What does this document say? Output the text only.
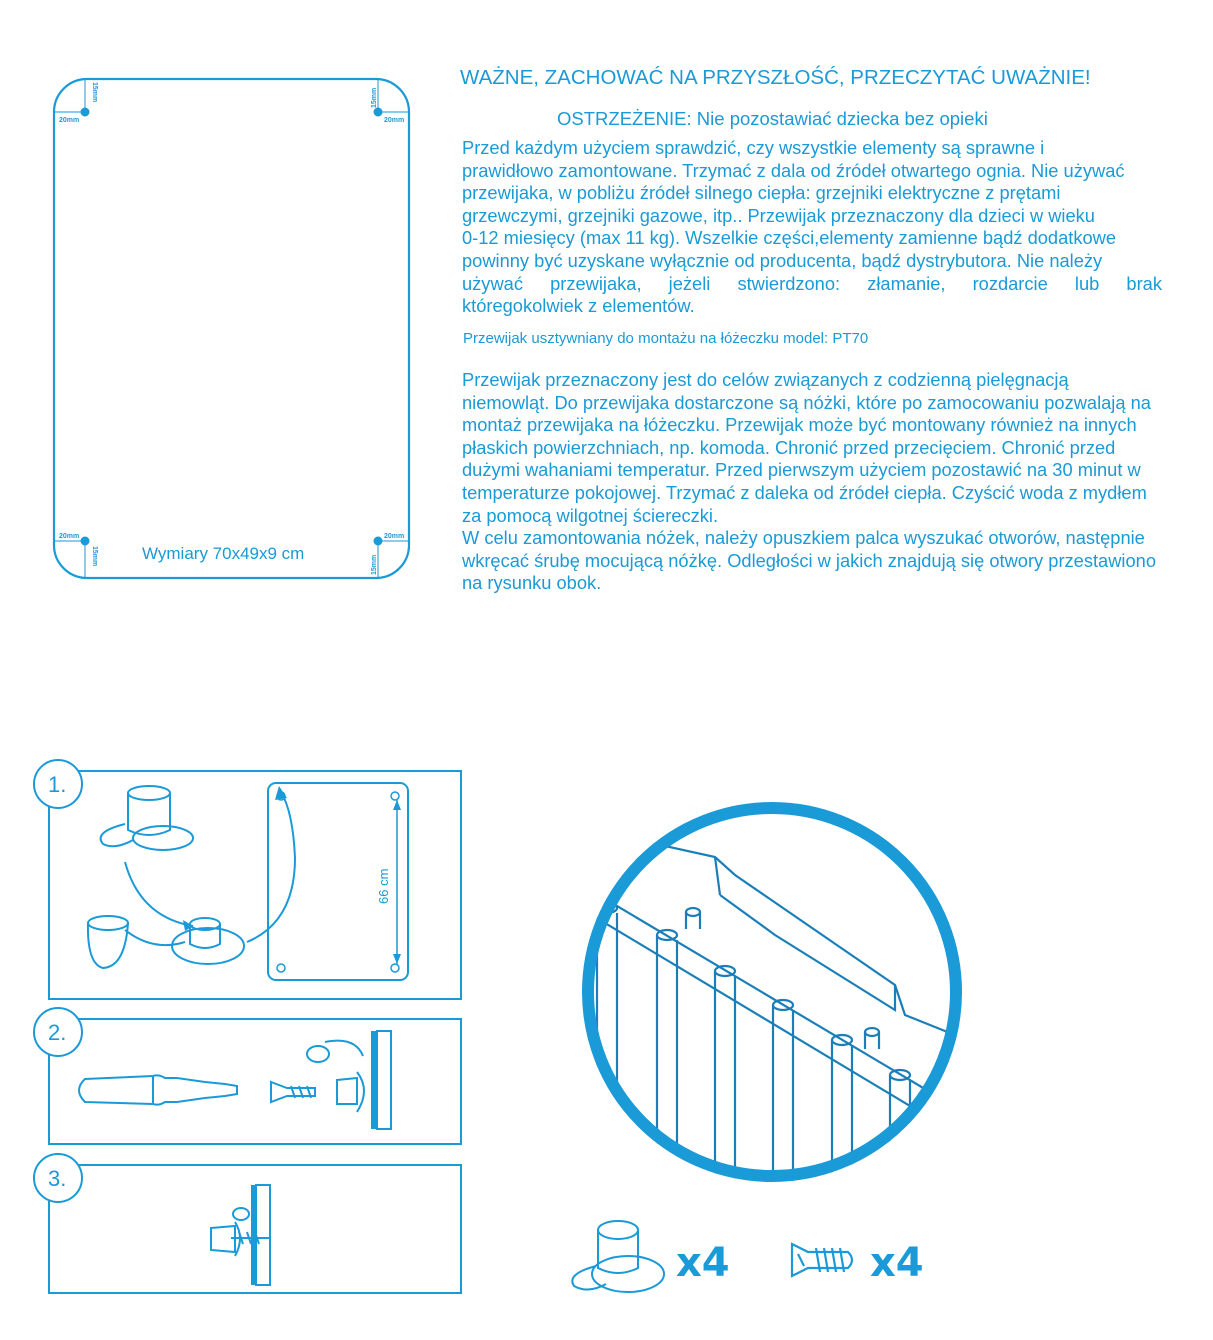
WAŻNE, ZACHOWAĆ NA PRZYSZŁOŚĆ, PRZECZYTAĆ UWAŻNIE!
OSTRZEŻENIE: Nie pozostawiać dziecka bez opieki
Przed każdym użyciem sprawdzić, czy wszystkie elementy są sprawne i
prawidłowo zamontowane. Trzymać z dala od źródeł otwartego ognia. Nie używać
przewijaka, w pobliżu źródeł silnego ciepła: grzejniki elektryczne z prętami
grzewczymi, grzejniki gazowe, itp.. Przewijak przeznaczony dla dzieci w wieku
0-12 miesięcy (max 11 kg). Wszelkie części,elementy zamienne bądź dodatkowe
powinny być uzyskane wyłącznie od producenta, bądź dystrybutora. Nie należy
używać przewijaka, jeżeli stwierdzono: złamanie, rozdarcie lub brak
któregokolwiek z elementów.
Przewijak usztywniany do montażu na łóżeczku model: PT70
Przewijak przeznaczony jest do celów związanych z codzienną pielęgnacją
niemowląt. Do przewijaka dostarczone są nóżki, które po zamocowaniu pozwalają na
montaż przewijaka na łóżeczku. Przewijak może być montowany również na innych
płaskich powierzchniach, np. komoda. Chronić przed przecięciem. Chronić przed
dużymi wahaniami temperatur. Przed pierwszym użyciem pozostawić na 30 minut w
temperaturze pokojowej. Trzymać z daleka od źródeł ciepła. Czyścić woda z mydłem
za pomocą wilgotnej ściereczki.
W celu zamontowania nóżek, należy opuszkiem palca wyszukać otworów, następnie
wkręcać śrubę mocującą nóżkę. Odległości w jakich znajdują się otwory przestawiono
na rysunku obok.
20mm	20mm
20mm	20mm
15mm	15mm
15mm	15mm
Wymiary 70x49x9 cm
1.
66 cm
2.
3.
x4	x4
